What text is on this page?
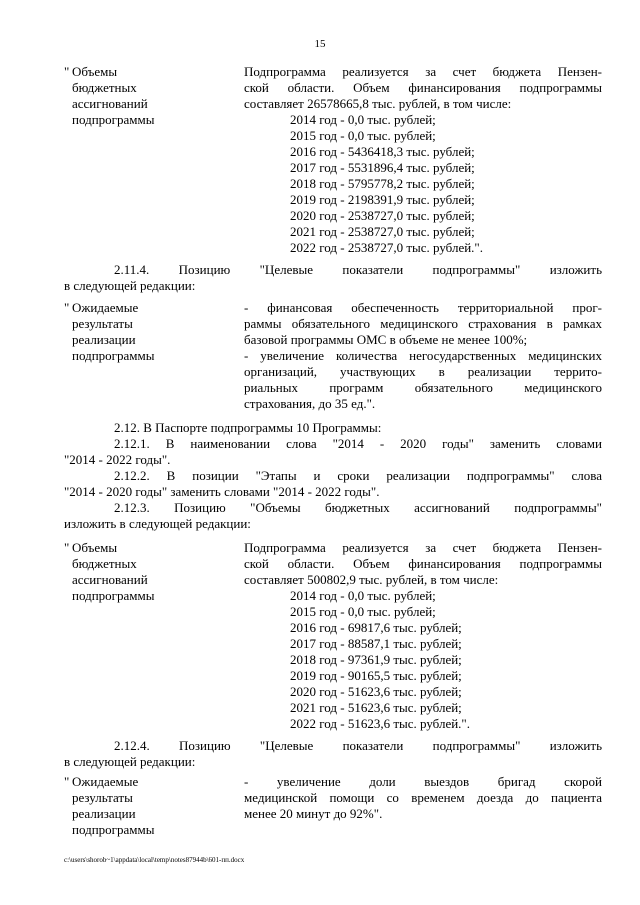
15
" Объемы
бюджетных
ассигнований
подпрограммы
Подпрограмма реализуется за счет бюджета Пензен-
ской области. Объем финансирования подпрограммы
составляет 26578665,8 тыс. рублей, в том числе:
2014 год - 0,0 тыс. рублей;
2015 год - 0,0 тыс. рублей;
2016 год - 5436418,3 тыс. рублей;
2017 год - 5531896,4 тыс. рублей;
2018 год - 5795778,2 тыс. рублей;
2019 год - 2198391,9 тыс. рублей;
2020 год - 2538727,0 тыс. рублей;
2021 год - 2538727,0 тыс. рублей;
2022 год - 2538727,0 тыс. рублей.".
2.11.4. Позицию "Целевые показатели подпрограммы" изложить
в следующей редакции:
" Ожидаемые
результаты
реализации
подпрограммы
- финансовая обеспеченность территориальной прог-
раммы обязательного медицинского страхования в рамках
базовой программы ОМС в объеме не менее 100%;
- увеличение количества негосударственных медицинских
организаций, участвующих в реализации террито-
риальных программ обязательного медицинского
страхования, до 35 ед.".
2.12. В Паспорте подпрограммы 10 Программы:
2.12.1. В наименовании слова "2014 - 2020 годы" заменить словами
"2014 - 2022 годы".
2.12.2. В позиции "Этапы и сроки реализации подпрограммы" слова
"2014 - 2020 годы" заменить словами "2014 - 2022 годы".
2.12.3. Позицию "Объемы бюджетных ассигнований подпрограммы"
изложить в следующей редакции:
" Объемы
бюджетных
ассигнований
подпрограммы
Подпрограмма реализуется за счет бюджета Пензен-
ской области. Объем финансирования подпрограммы
составляет 500802,9 тыс. рублей, в том числе:
2014 год - 0,0 тыс. рублей;
2015 год - 0,0 тыс. рублей;
2016 год - 69817,6 тыс. рублей;
2017 год - 88587,1 тыс. рублей;
2018 год - 97361,9 тыс. рублей;
2019 год - 90165,5 тыс. рублей;
2020 год - 51623,6 тыс. рублей;
2021 год - 51623,6 тыс. рублей;
2022 год - 51623,6 тыс. рублей.".
2.12.4. Позицию "Целевые показатели подпрограммы" изложить
в следующей редакции:
" Ожидаемые
результаты
реализации
подпрограммы
- увеличение доли выездов бригад скорой
медицинской помощи со временем доезда до пациента
менее 20 минут до 92%".
c:\users\shorob~1\appdata\local\temp\notes87944b\601-пп.docx
